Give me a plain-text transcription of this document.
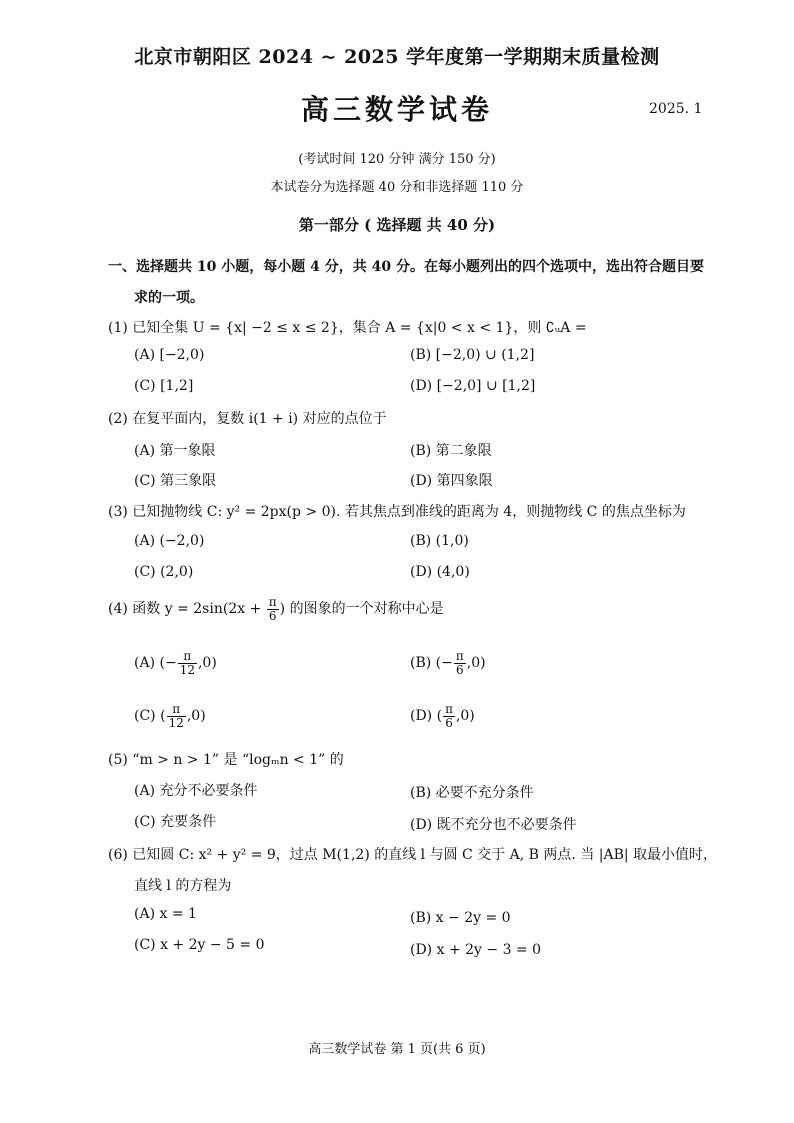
北京市朝阳区 2024 ~ 2025 学年度第一学期期末质量检测
高三数学试卷	2025. 1
(考试时间 120 分钟 满分 150 分)
本试卷分为选择题 40 分和非选择题 110 分
第一部分 ( 选择题 共 40 分)
一、选择题共 10 小题，每小题 4 分，共 40 分。在每小题列出的四个选项中，选出符合题目要
求的一项。
(1) 已知全集 U = {x| −2 ≤ x ≤ 2}，集合 A = {x|0 < x < 1}，则 ∁ᵤA =
(A) [−2,0)	(B) [−2,0) ∪ (1,2]
(C) [1,2]	(D) [−2,0] ∪ [1,2]
(2) 在复平面内，复数 i(1 + i) 对应的点位于
(A) 第一象限	(B) 第二象限
(C) 第三象限	(D) 第四象限
(3) 已知抛物线 C: y² = 2px(p > 0). 若其焦点到准线的距离为 4，则抛物线 C 的焦点坐标为
(A) (−2,0)	(B) (1,0)
(C) (2,0)	(D) (4,0)
(4) 函数 $y = 2\sin(2x + \frac{\pi}{6}$ ) 的图象的一个对称中心是
(A) (− $\frac{\pi}{12} ,0$)	(B) (− $\frac{\pi}{6} ,0$)
(C) ( $\frac{\pi}{12} ,0$)	(D) ( $\frac{\pi}{6} ,0$)
(5) “m > n > 1” 是 “logₘn < 1” 的
(A) 充分不必要条件	(B) 必要不充分条件
(C) 充要条件	(D) 既不充分也不必要条件
(6) 已知圆 C: x² + y² = 9，过点 M(1,2) 的直线 l 与圆 C 交于 A, B 两点. 当 |AB| 取最小值时，
直线 l 的方程为
(A) x = 1	(B) x − 2y = 0
(C) x + 2y − 5 = 0	(D) x + 2y − 3 = 0
高三数学试卷 第 1 页(共 6 页)
